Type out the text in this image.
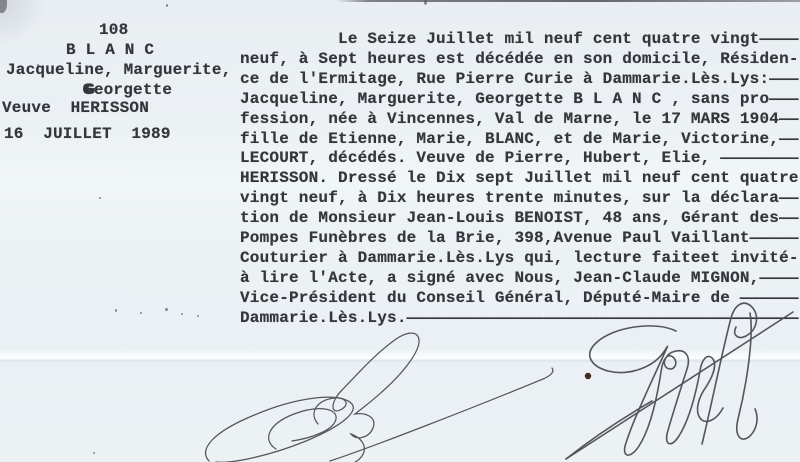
108
B L A N C
Jacqueline, Marguerite,
Georgette
Veuve  HERISSON
16  JUILLET  1989
Le Seize Juillet mil neuf cent quatre vingt————
neuf, à Sept heures est décédée en son domicile, Résiden-
ce de l'Ermitage, Rue Pierre Curie à Dammarie.Lès.Lys:———
Jacqueline, Marguerite, Georgette B L A N C , sans pro———
fession, née à Vincennes, Val de Marne, le 17 MARS 1904——
fille de Etienne, Marie, BLANC, et de Marie, Victorine,——
LECOURT, décédés. Veuve de Pierre, Hubert, Elie, ————————
HERISSON. Dressé le Dix sept Juillet mil neuf cent quatre
vingt neuf, à Dix heures trente minutes, sur la déclara——
tion de Monsieur Jean-Louis BENOIST, 48 ans, Gérant des——
Pompes Funèbres de la Brie, 398,Avenue Paul Vaillant—————
Couturier à Dammarie.Lès.Lys qui, lecture faiteet invité-
à lire l'Acte, a signé avec Nous, Jean-Claude MIGNON,————
Vice-Président du Conseil Général, Député-Maire de ——————
Dammarie.Lès.Lys.————————————————————————————————————————
